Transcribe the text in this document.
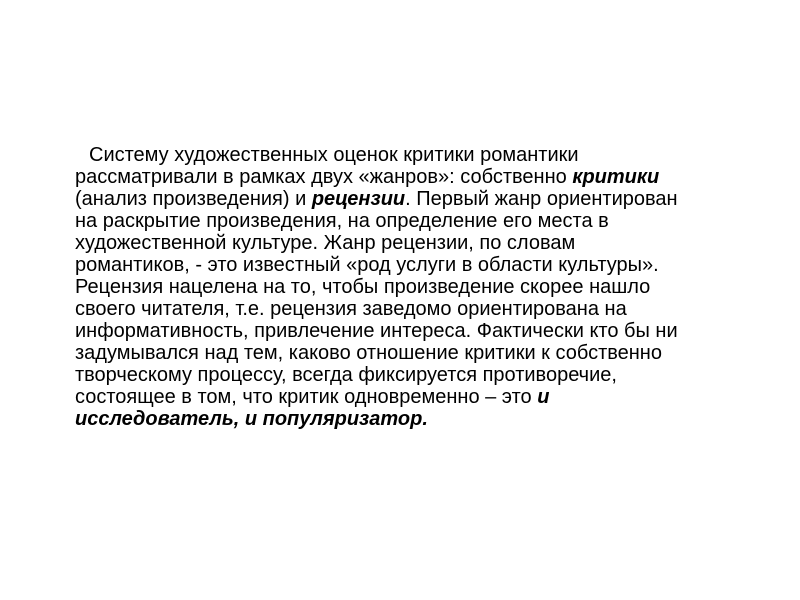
Систему художественных оценок критики романтики
рассматривали в рамках двух «жанров»: собственно критики
(анализ произведения) и рецензии. Первый жанр ориентирован
на раскрытие произведения, на определение его места в
художественной культуре. Жанр рецензии, по словам
романтиков, - это известный «род услуги в области культуры».
Рецензия нацелена на то, чтобы произведение скорее нашло
своего читателя, т.е. рецензия заведомо ориентирована на
информативность, привлечение интереса. Фактически кто бы ни
задумывался над тем, каково отношение критики к собственно
творческому процессу, всегда фиксируется противоречие,
состоящее в том, что критик одновременно – это и
исследователь, и популяризатор.
